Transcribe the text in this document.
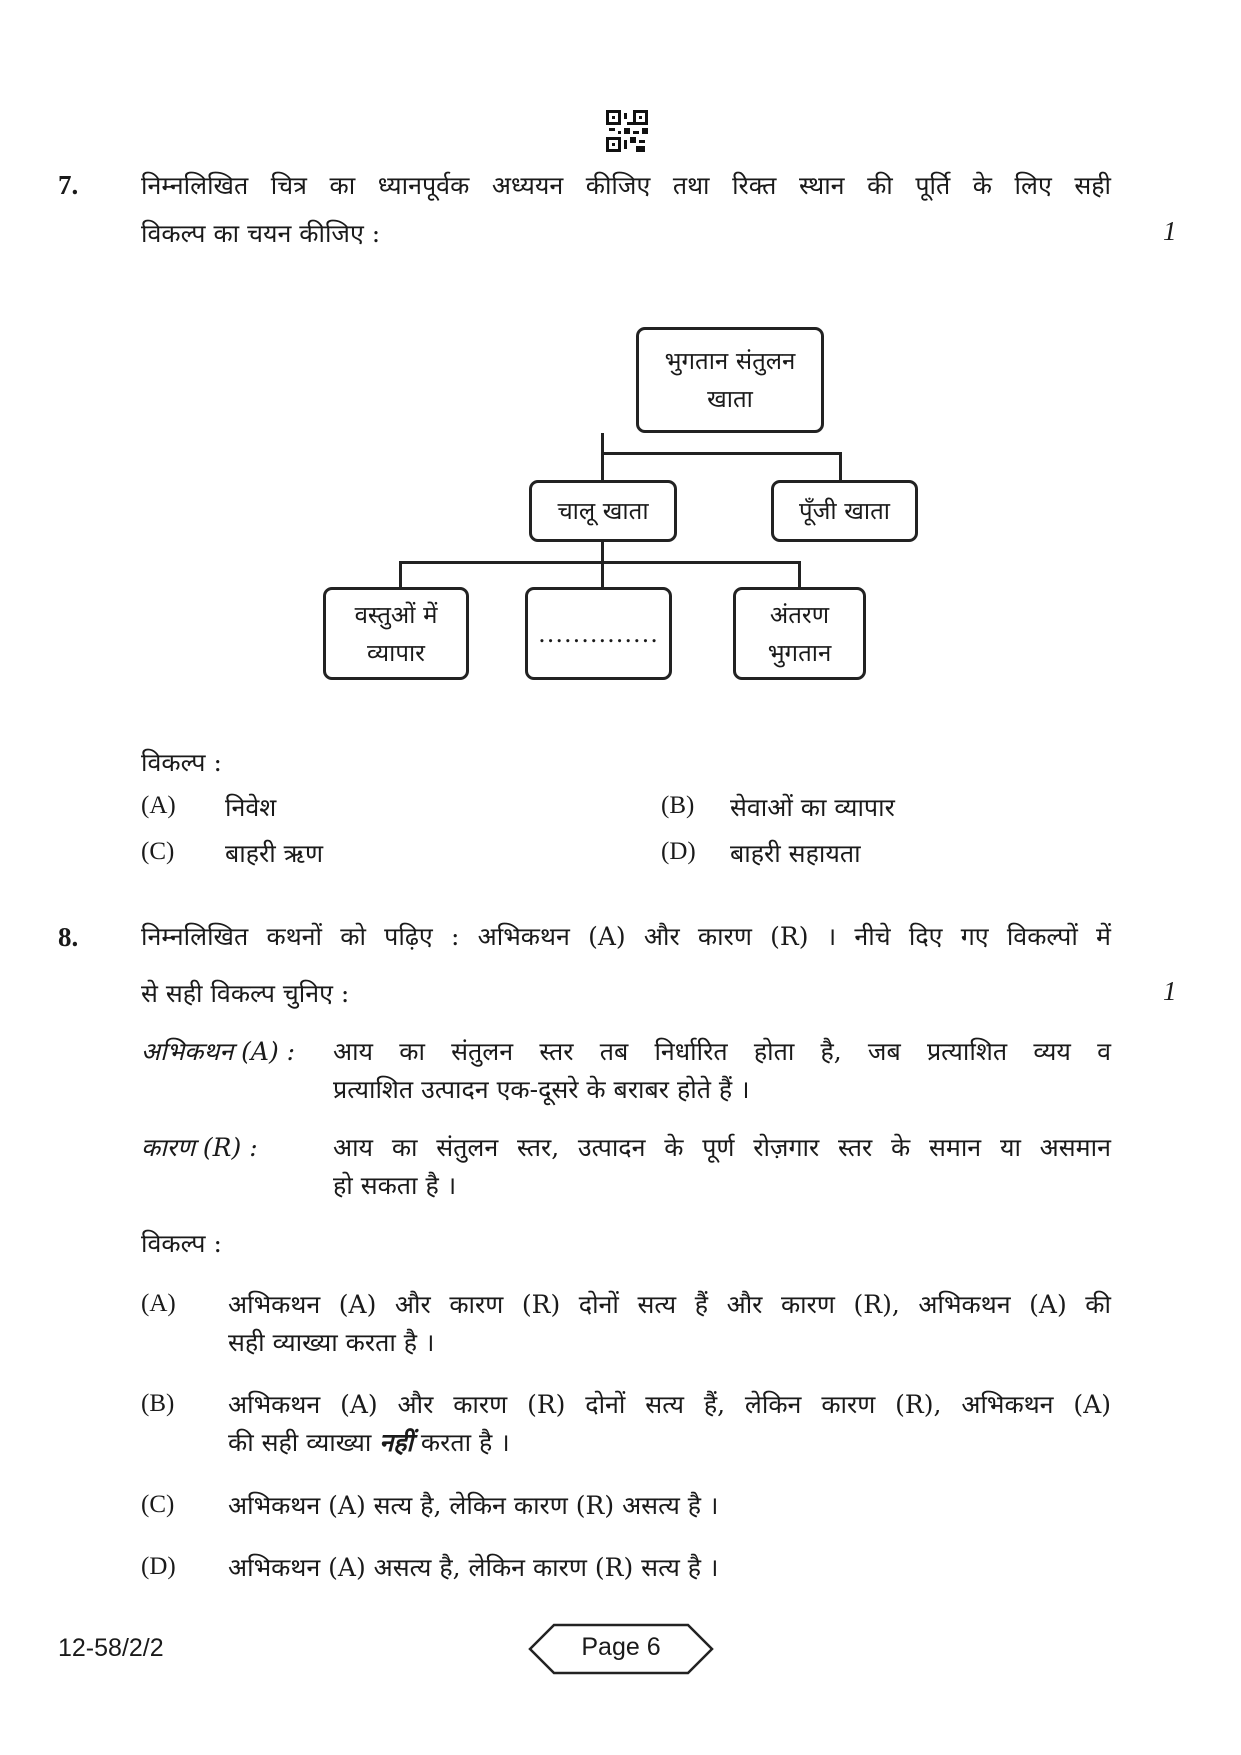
7.	निम्नलिखित चित्र का ध्यानपूर्वक अध्ययन कीजिए तथा रिक्त स्थान की पूर्ति के लिए सही
विकल्प का चयन कीजिए :	1
भुगतान संतुलन
खाता
चालू खाता	पूँजी खाता
वस्तुओं में
व्यापार
..............
अंतरण
भुगतान
विकल्प :
(A) निवेश	(B) सेवाओं का व्यापार
(C) बाहरी ऋण	(D) बाहरी सहायता
8.	निम्नलिखित कथनों को पढ़िए : अभिकथन (A) और कारण (R) । नीचे दिए गए विकल्पों में
से सही विकल्प चुनिए :	1
अभिकथन (A) : आय का संतुलन स्तर तब निर्धारित होता है, जब प्रत्याशित व्यय व
प्रत्याशित उत्पादन एक-दूसरे के बराबर होते हैं ।
कारण (R) :	आय का संतुलन स्तर, उत्पादन के पूर्ण रोज़गार स्तर के समान या असमान
हो सकता है ।
विकल्प :
(A) अभिकथन (A) और कारण (R) दोनों सत्य हैं और कारण (R), अभिकथन (A) की
सही व्याख्या करता है ।
(B) अभिकथन (A) और कारण (R) दोनों सत्य हैं, लेकिन कारण (R), अभिकथन (A)
की सही व्याख्या नहीं करता है ।
(C) अभिकथन (A) सत्य है, लेकिन कारण (R) असत्य है ।
(D) अभिकथन (A) असत्य है, लेकिन कारण (R) सत्य है ।
12-58/2/2	Page 6
